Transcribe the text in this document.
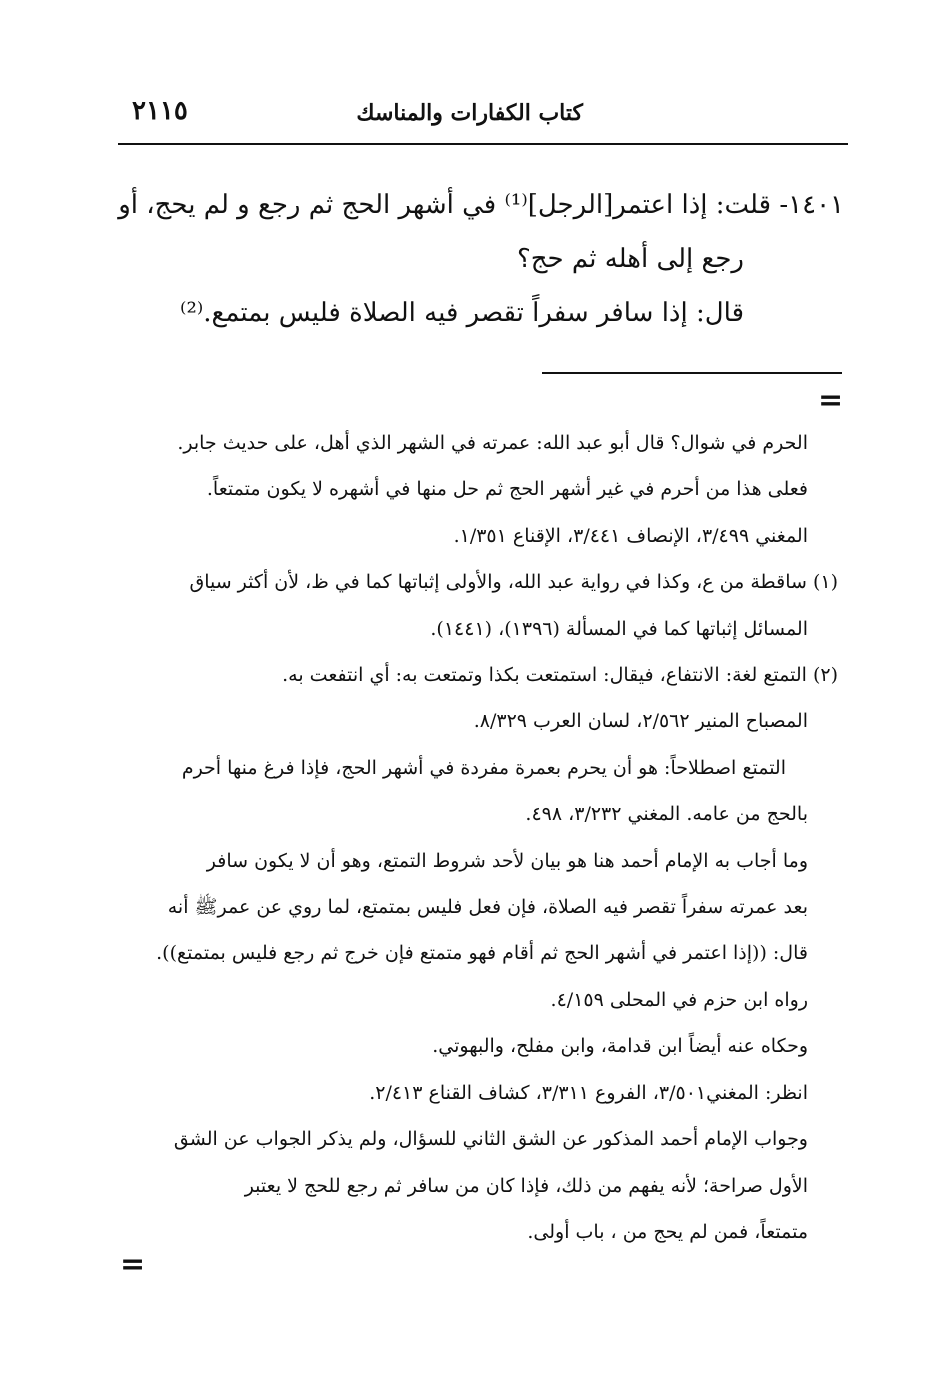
كتاب الكفارات والمناسك
٢١١٥
١٤٠١- قلت: إذا اعتمر[الرجل]⁽¹⁾ في أشهر الحج ثم رجع و لم يحج، أو
رجع إلى أهله ثم حج؟
قال: إذا سافر سفراً تقصر فيه الصلاة فليس بمتمع.⁽²⁾
=
الحرم في شوال؟ قال أبو عبد الله: عمرته في الشهر الذي أهل، على حديث جابر.
فعلى هذا من أحرم في غير أشهر الحج ثم حل منها في أشهره لا يكون متمتعاً.
المغني ٣/٤٩٩، الإنصاف ٣/٤٤١، الإقناع ١/٣٥١.
(١) ساقطة من ع، وكذا في رواية عبد الله، والأولى إثباتها كما في ظ، لأن أكثر سياق
المسائل إثباتها كما في المسألة (١٣٩٦)، (١٤٤١).
(٢) التمتع لغة: الانتفاع، فيقال: استمتعت بكذا وتمتعت به: أي انتفعت به.
المصباح المنير ٢/٥٦٢، لسان العرب ٨/٣٢٩.
التمتع اصطلاحاً: هو أن يحرم بعمرة مفردة في أشهر الحج، فإذا فرغ منها أحرم
بالحج من عامه. المغني ٣/٢٣٢، ٤٩٨.
وما أجاب به الإمام أحمد هنا هو بيان لأحد شروط التمتع، وهو أن لا يكون سافر
بعد عمرته سفراً تقصر فيه الصلاة، فإن فعل فليس بمتمتع، لما روي عن عمرﷺ أنه
قال: ((إذا اعتمر في أشهر الحج ثم أقام فهو متمتع فإن خرج ثم رجع فليس بمتمتع)).
رواه ابن حزم في المحلى ٤/١٥٩.
وحكاه عنه أيضاً ابن قدامة، وابن مفلح، والبهوتي.
انظر: المغني٣/٥٠١، الفروع ٣/٣١١، كشاف القناع ٢/٤١٣.
وجواب الإمام أحمد المذكور عن الشق الثاني للسؤال، ولم يذكر الجواب عن الشق
الأول صراحة؛ لأنه يفهم من ذلك، فإذا كان من سافر ثم رجع للحج لا يعتبر
متمتعاً، فمن لم يحج من ، باب أولى.
=
